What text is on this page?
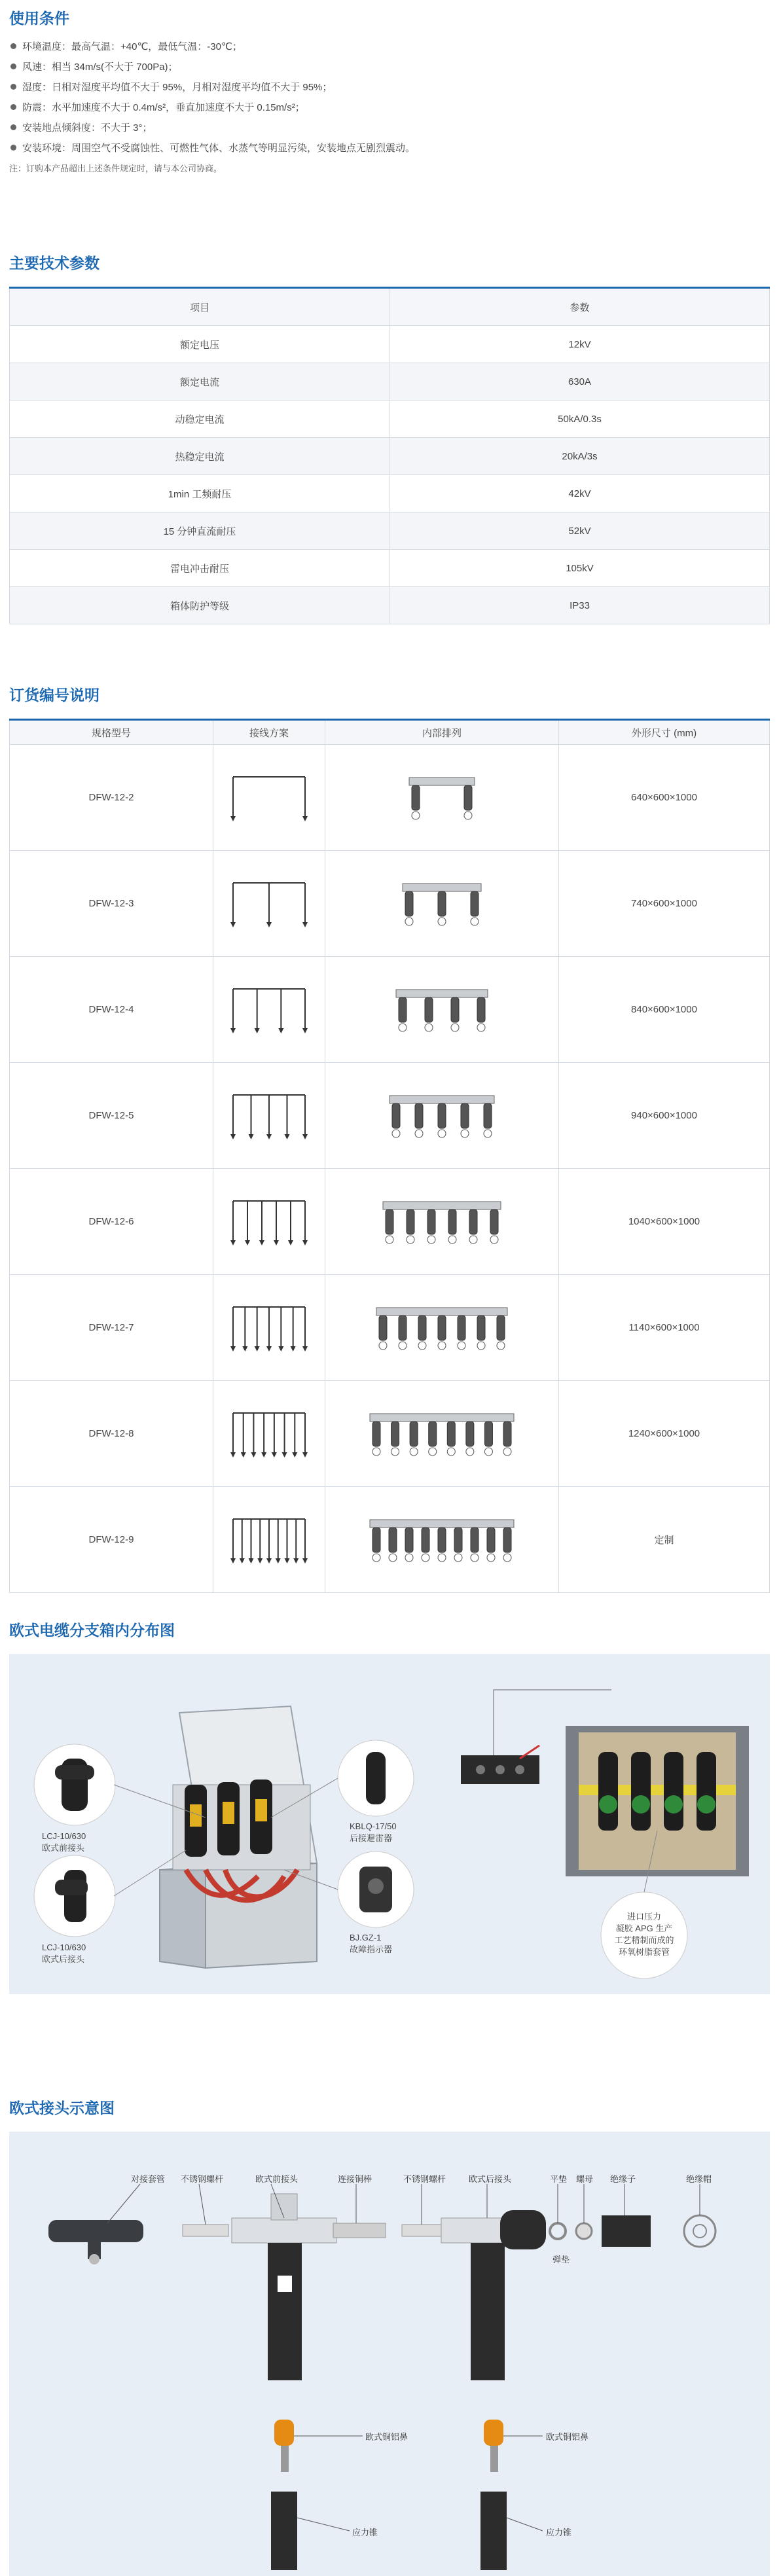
使用条件
环境温度：最高气温：+40℃，最低气温：-30℃；
风速：相当 34m/s(不大于 700Pa)；
湿度：日相对湿度平均值不大于 95%，月相对湿度平均值不大于 95%；
防震：水平加速度不大于 0.4m/s²，垂直加速度不大于 0.15m/s²；
安装地点倾斜度：不大于 3°；
安装环境：周围空气不受腐蚀性、可燃性气体、水蒸气等明显污染，安装地点无剧烈震动。
注：订购本产品超出上述条件规定时，请与本公司协商。
主要技术参数
项目	参数
额定电压	12kV
额定电流	630A
动稳定电流	50kA/0.3s
热稳定电流	20kA/3s
1min 工频耐压	42kV
15 分钟直流耐压	52kV
雷电冲击耐压	105kV
箱体防护等级	IP33
订货编号说明
规格型号	接线方案	内部排列	外形尺寸 (mm)
DFW-12-2			640×600×1000
DFW-12-3			740×600×1000
DFW-12-4			840×600×1000
DFW-12-5			940×600×1000
DFW-12-6			1040×600×1000
DFW-12-7			1140×600×1000
DFW-12-8			1240×600×1000
DFW-12-9			定制
欧式电缆分支箱内分布图
LCJ-10/630
欧式前接头
LCJ-10/630
欧式后接头
KBLQ-17/50
后接避雷器
BJ.GZ-1
故障指示器
进口压力
凝胶 APG 生产
工艺精制而成的
环氧树脂套管
欧式接头示意图
对接套管 不锈钢螺杆	欧式前接头	连接铜棒	不锈钢螺杆	欧式后接头	平垫 螺母
弹垫
绝缘子	绝缘帽
欧式铜铝鼻	欧式铜铝鼻
应力锥	应力锥
